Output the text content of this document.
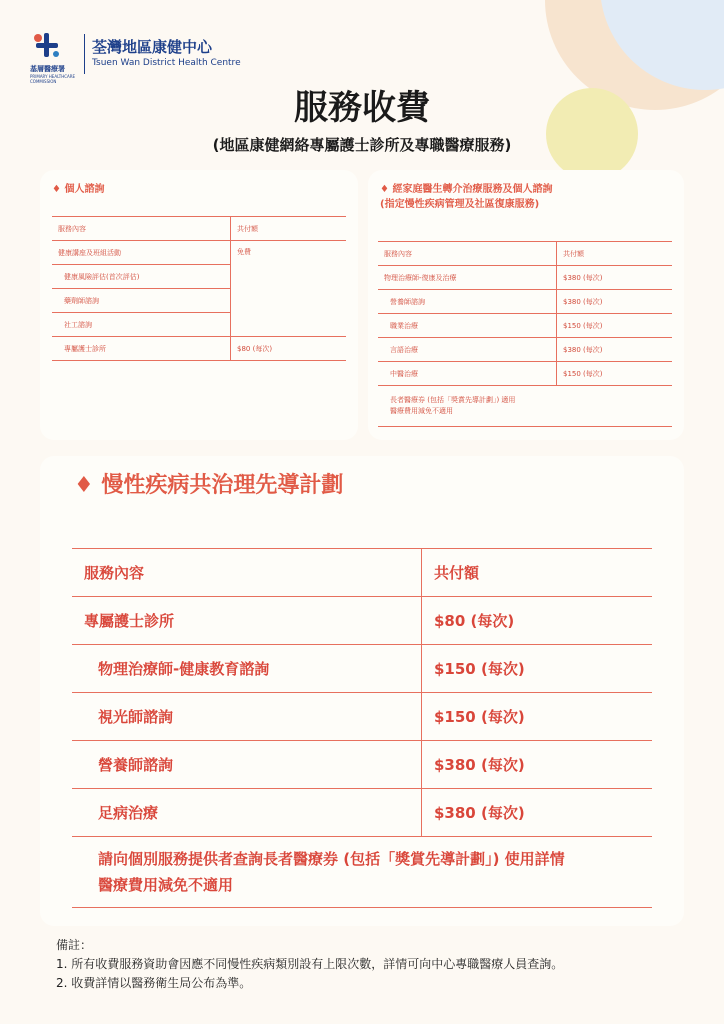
基層醫療署
PRIMARY HEALTHCARE COMMISSION
荃灣地區康健中心
Tsuen Wan District Health Centre
服務收費
(地區康健網絡專屬護士診所及專職醫療服務)
♦ 個人諮詢
服務內容	共付額
健康講座及班組活動	免費
健康風險評估(首次評估)	
藥劑師諮詢	
社工諮詢	
專屬護士診所	$80 (每次)
♦ 經家庭醫生轉介治療服務及個人諮詢
(指定慢性疾病管理及社區復康服務)
服務內容	共付額
物理治療師-復康及治療	$380 (每次)
營養師諮詢	$380 (每次)
職業治療	$150 (每次)
言語治療	$380 (每次)
中醫治療	$150 (每次)

長者醫療券 (包括「獎賞先導計劃」) 適用
醫療費用減免不適用	
♦ 慢性疾病共治理先導計劃
服務內容	共付額
專屬護士診所	$80 (每次)
物理治療師-健康教育諮詢	$150 (每次)
視光師諮詢	$150 (每次)
營養師諮詢	$380 (每次)
足病治療	$380 (每次)

請向個別服務提供者查詢長者醫療券 (包括「獎賞先導計劃」) 使用詳情
醫療費用減免不適用	
備註：
1. 所有收費服務資助會因應不同慢性疾病類別設有上限次數，詳情可向中心專職醫療人員查詢。
2. 收費詳情以醫務衛生局公布為準。
